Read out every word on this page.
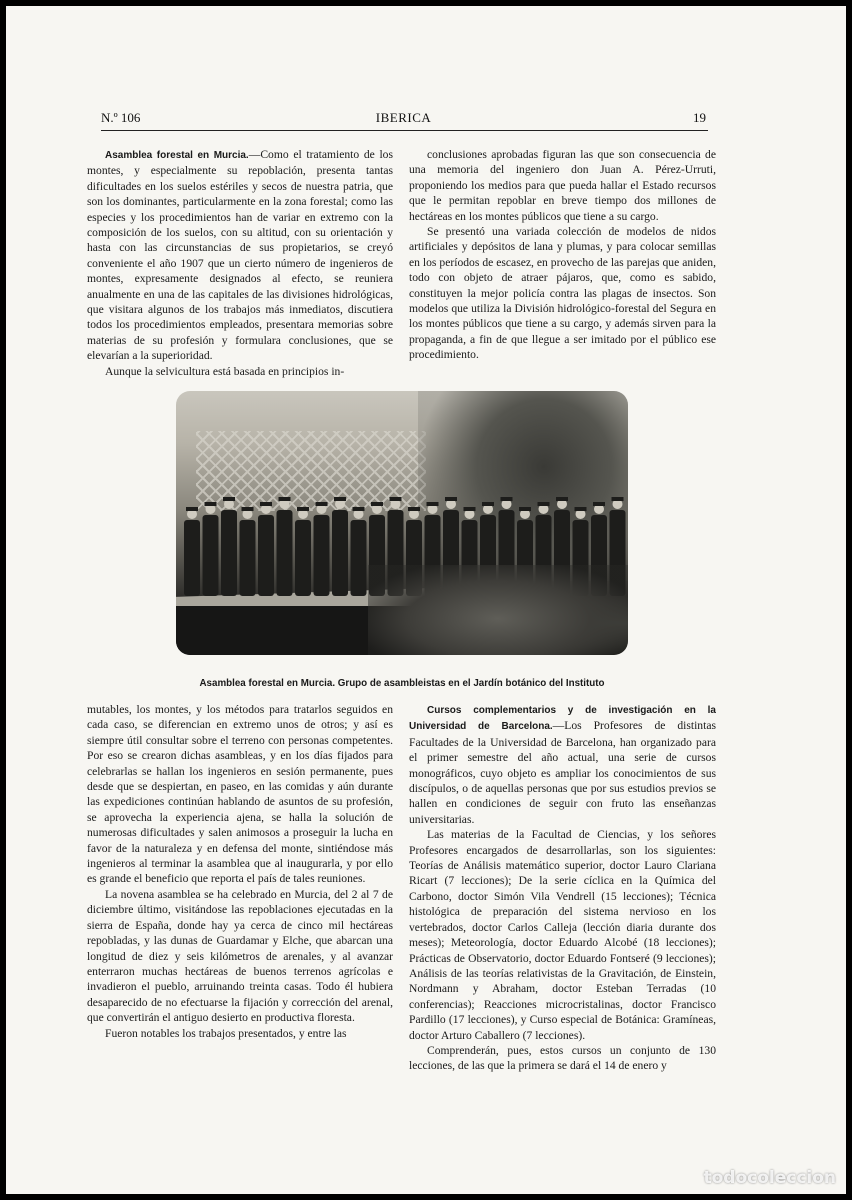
N.º 106	IBERICA	19

Asamblea forestal en Murcia.—Como el tratamiento de los montes, y especialmente su repoblación, presenta tantas dificultades en los suelos estériles y secos de nuestra patria, que son los dominantes, particularmente en la zona forestal; como las especies y los procedimientos han de variar en extremo con la composición de los suelos, con su altitud, con su orientación y hasta con las circunstancias de sus propietarios, se creyó conveniente el año 1907 que un cierto número de ingenieros de montes, expresamente designados al efecto, se reuniera anualmente en una de las capitales de las divisiones hidrológicas, que visitara algunos de los trabajos más inmediatos, discutiera todos los procedimientos empleados, presentara memorias sobre materias de su profesión y formulara conclusiones, que se elevarían a la superioridad.

Aunque la selvicultura está basada en principios in-

conclusiones aprobadas figuran las que son consecuencia de una memoria del ingeniero don Juan A. Pérez-Urruti, proponiendo los medios para que pueda hallar el Estado recursos que le permitan repoblar en breve tiempo dos millones de hectáreas en los montes públicos que tiene a su cargo.

Se presentó una variada colección de modelos de nidos artificiales y depósitos de lana y plumas, y para colocar semillas en los períodos de escasez, en provecho de las parejas que aniden, todo con objeto de atraer pájaros, que, como es sabido, constituyen la mejor policía contra las plagas de insectos. Son modelos que utiliza la División hidrológico-forestal del Segura en los montes públicos que tiene a su cargo, y además sirven para la propaganda, a fin de que llegue a ser imitado por el público ese procedimiento.

Asamblea forestal en Murcia. Grupo de asambleistas en el Jardín botánico del Instituto

mutables, los montes, y los métodos para tratarlos seguidos en cada caso, se diferencian en extremo unos de otros; y así es siempre útil consultar sobre el terreno con personas competentes. Por eso se crearon dichas asambleas, y en los días fijados para celebrarlas se hallan los ingenieros en sesión permanente, pues desde que se despiertan, en paseo, en las comidas y aún durante las expediciones continúan hablando de asuntos de su profesión, se aprovecha la experiencia ajena, se halla la solución de numerosas dificultades y salen animosos a proseguir la lucha en favor de la naturaleza y en defensa del monte, sintiéndose más ingenieros al terminar la asamblea que al inaugurarla, y por ello es grande el beneficio que reporta el país de tales reuniones.

La novena asamblea se ha celebrado en Murcia, del 2 al 7 de diciembre último, visitándose las repoblaciones ejecutadas en la sierra de España, donde hay ya cerca de cinco mil hectáreas repobladas, y las dunas de Guardamar y Elche, que abarcan una longitud de diez y seis kilómetros de arenales, y al avanzar enterraron muchas hectáreas de buenos terrenos agrícolas e invadieron el pueblo, arruinando treinta casas. Todo él hubiera desaparecido de no efectuarse la fijación y corrección del arenal, que convertirán el antiguo desierto en productiva floresta.

Fueron notables los trabajos presentados, y entre las

Cursos complementarios y de investigación en la Universidad de Barcelona.—Los Profesores de distintas Facultades de la Universidad de Barcelona, han organizado para el primer semestre del año actual, una serie de cursos monográficos, cuyo objeto es ampliar los conocimientos de sus discípulos, o de aquellas personas que por sus estudios previos se hallen en condiciones de seguir con fruto las enseñanzas universitarias.

Las materias de la Facultad de Ciencias, y los señores Profesores encargados de desarrollarlas, son los siguientes: Teorías de Análisis matemático superior, doctor Lauro Clariana Ricart (7 lecciones); De la serie cíclica en la Química del Carbono, doctor Simón Vila Vendrell (15 lecciones); Técnica histológica de preparación del sistema nervioso en los vertebrados, doctor Carlos Calleja (lección diaria durante dos meses); Meteorología, doctor Eduardo Alcobé (18 lecciones); Prácticas de Observatorio, doctor Eduardo Fontseré (9 lecciones); Análisis de las teorías relativistas de la Gravitación, de Einstein, Nordmann y Abraham, doctor Esteban Terradas (10 conferencias); Reacciones microcristalinas, doctor Francisco Pardillo (17 lecciones), y Curso especial de Botánica: Gramíneas, doctor Arturo Caballero (7 lecciones).

Comprenderán, pues, estos cursos un conjunto de 130 lecciones, de las que la primera se dará el 14 de enero y

todocoleccion
